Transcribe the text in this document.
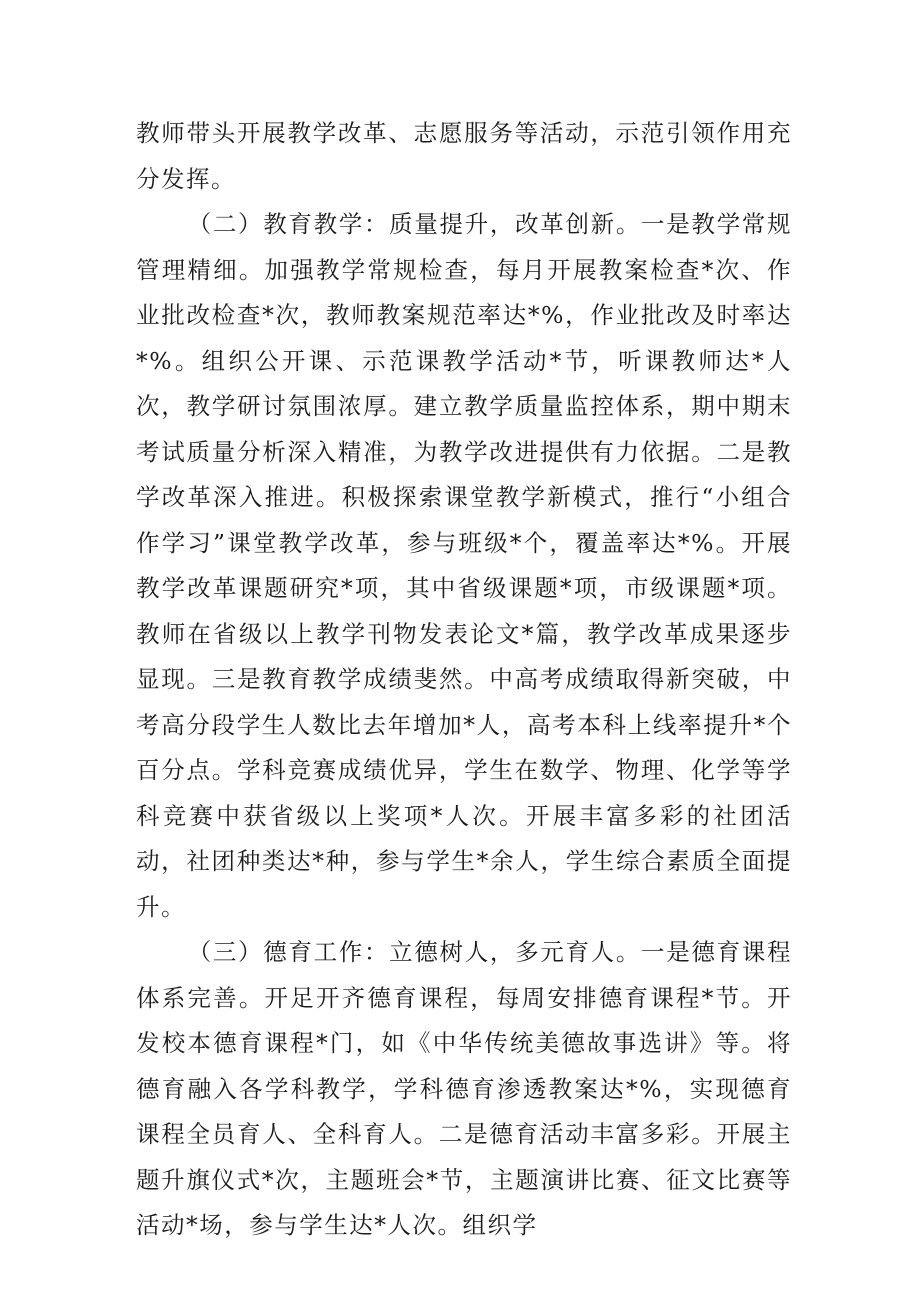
教师带头开展教学改革、志愿服务等活动，示范引领作用充分发挥。

（二）教育教学：质量提升，改革创新。一是教学常规管理精细。加强教学常规检查，每月开展教案检查*次、作业批改检查*次，教师教案规范率达*%，作业批改及时率达*%。组织公开课、示范课教学活动*节，听课教师达*人次，教学研讨氛围浓厚。建立教学质量监控体系，期中期末考试质量分析深入精准，为教学改进提供有力依据。二是教学改革深入推进。积极探索课堂教学新模式，推行“小组合作学习”课堂教学改革，参与班级*个，覆盖率达*%。开展教学改革课题研究*项，其中省级课题*项，市级课题*项。教师在省级以上教学刊物发表论文*篇，教学改革成果逐步显现。三是教育教学成绩斐然。中高考成绩取得新突破，中考高分段学生人数比去年增加*人，高考本科上线率提升*个百分点。学科竞赛成绩优异，学生在数学、物理、化学等学科竞赛中获省级以上奖项*人次。开展丰富多彩的社团活动，社团种类达*种，参与学生*余人，学生综合素质全面提升。

（三）德育工作：立德树人，多元育人。一是德育课程体系完善。开足开齐德育课程，每周安排德育课程*节。开发校本德育课程*门，如《中华传统美德故事选讲》等。将德育融入各学科教学，学科德育渗透教案达*%，实现德育课程全员育人、全科育人。二是德育活动丰富多彩。开展主题升旗仪式*次，主题班会*节，主题演讲比赛、征文比赛等活动*场，参与学生达*人次。组织学
